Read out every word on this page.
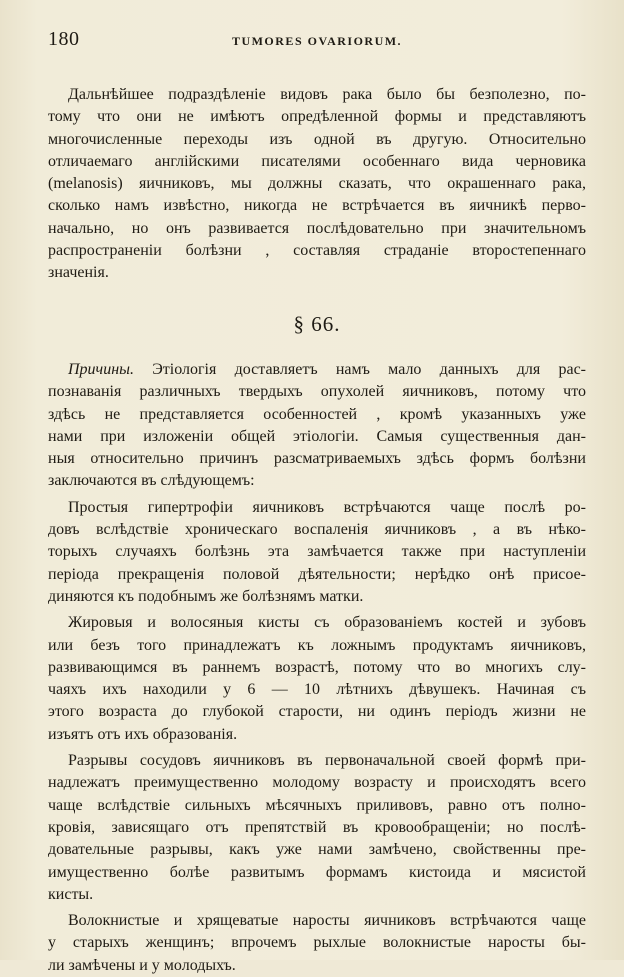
180	TUMORES OVARIORUM.

Дальнѣйшее подраздѣленіе видовъ рака было бы безполезно, по-

тому что они не имѣютъ опредѣленной формы и представляютъ
многочисленные переходы изъ одной въ другую. Относительно
отличаемаго англійскими писателями особеннаго вида черновика
(melanosis) яичниковъ, мы должны сказать, что окрашеннаго рака,
сколько намъ извѣстно, никогда не встрѣчается въ яичникѣ перво-
начально, но онъ развивается послѣдовательно при значительномъ
распространеніи болѣзни , составляя страданіе второстепеннаго
значенія.

§ 66.

Причины. Этіологія доставляетъ намъ мало данныхъ для рас-
познаванія различныхъ твердыхъ опухолей яичниковъ, потому что
здѣсь не представляется особенностей , кромѣ указанныхъ уже
нами при изложеніи общей этіологіи. Самыя существенныя дан-
ныя относительно причинъ разсматриваемыхъ здѣсь формъ болѣзни
заключаются въ слѣдующемъ:

Простыя гипертрофіи яичниковъ встрѣчаются чаще послѣ ро-
довъ вслѣдствіе хроническаго воспаленія яичниковъ , а въ нѣко-
торыхъ случаяхъ болѣзнь эта замѣчается также при наступленіи
періода прекращенія половой дѣятельности; нерѣдко онѣ присое-
диняются къ подобнымъ же болѣзнямъ матки.

Жировыя и волосяныя кисты съ образованіемъ костей и зубовъ
или безъ того принадлежатъ къ ложнымъ продуктамъ яичниковъ,
развивающимся въ раннемъ возрастѣ, потому что во многихъ слу-
чаяхъ ихъ находили у 6 — 10 лѣтнихъ дѣвушекъ. Начиная съ
этого возраста до глубокой старости, ни одинъ періодъ жизни не
изъятъ отъ ихъ образованія.

Разрывы сосудовъ яичниковъ въ первоначальной своей формѣ при-
надлежатъ преимущественно молодому возрасту и происходятъ всего
чаще вслѣдствіе сильныхъ мѣсячныхъ приливовъ, равно отъ полно-
кровія, зависящаго отъ препятствій въ кровообращеніи; но послѣ-
довательные разрывы, какъ уже нами замѣчено, свойственны пре-
имущественно болѣе развитымъ формамъ кистоида и мясистой
кисты.

Волокнистые и хрящеватые наросты яичниковъ встрѣчаются чаще
у старыхъ женщинъ; впрочемъ рыхлые волокнистые наросты бы-
ли замѣчены и у молодыхъ.
